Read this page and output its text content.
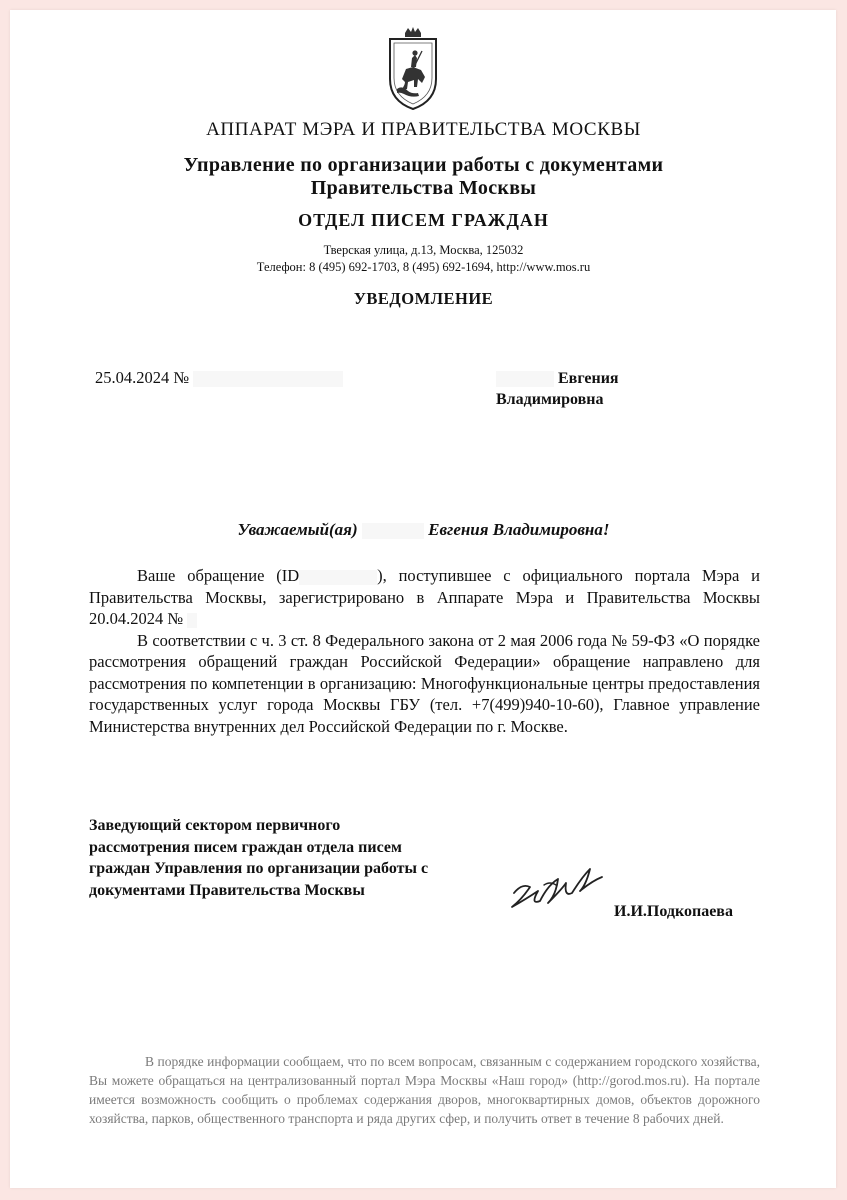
АППАРАТ МЭРА И ПРАВИТЕЛЬСТВА МОСКВЫ
Управление по организации работы с документами
Правительства Москвы
ОТДЕЛ ПИСЕМ ГРАЖДАН
Тверская улица, д.13, Москва, 125032
Телефон: 8 (495) 692-1703, 8 (495) 692-1694, http://www.mos.ru
УВЕДОМЛЕНИЕ
25.04.2024 №	Евгения
Владимировна
Уважаемый(ая)	Евгения Владимировна!

Ваше обращение (ID	), поступившее с официального портала Мэра и Правительства Москвы, зарегистрировано в Аппарате Мэра и Правительства Москвы 20.04.2024 №

В соответствии с ч. 3 ст. 8 Федерального закона от 2 мая 2006 года № 59-ФЗ «О порядке рассмотрения обращений граждан Российской Федерации» обращение направлено для рассмотрения по компетенции в организацию: Многофункциональные центры предоставления государственных услуг города Москвы ГБУ (тел. +7(499)940-10-60), Главное управление Министерства внутренних дел Российской Федерации по г. Москве.

Заведующий сектором первичного рассмотрения писем граждан отдела писем граждан Управления по организации работы с документами Правительства Москвы
И.И.Подкопаева

В порядке информации сообщаем, что по всем вопросам, связанным с содержанием городского хозяйства, Вы можете обращаться на централизованный портал Мэра Москвы «Наш город» (http://gorod.mos.ru). На портале имеется возможность сообщить о проблемах содержания дворов, многоквартирных домов, объектов дорожного хозяйства, парков, общественного транспорта и ряда других сфер, и получить ответ в течение 8 рабочих дней.
